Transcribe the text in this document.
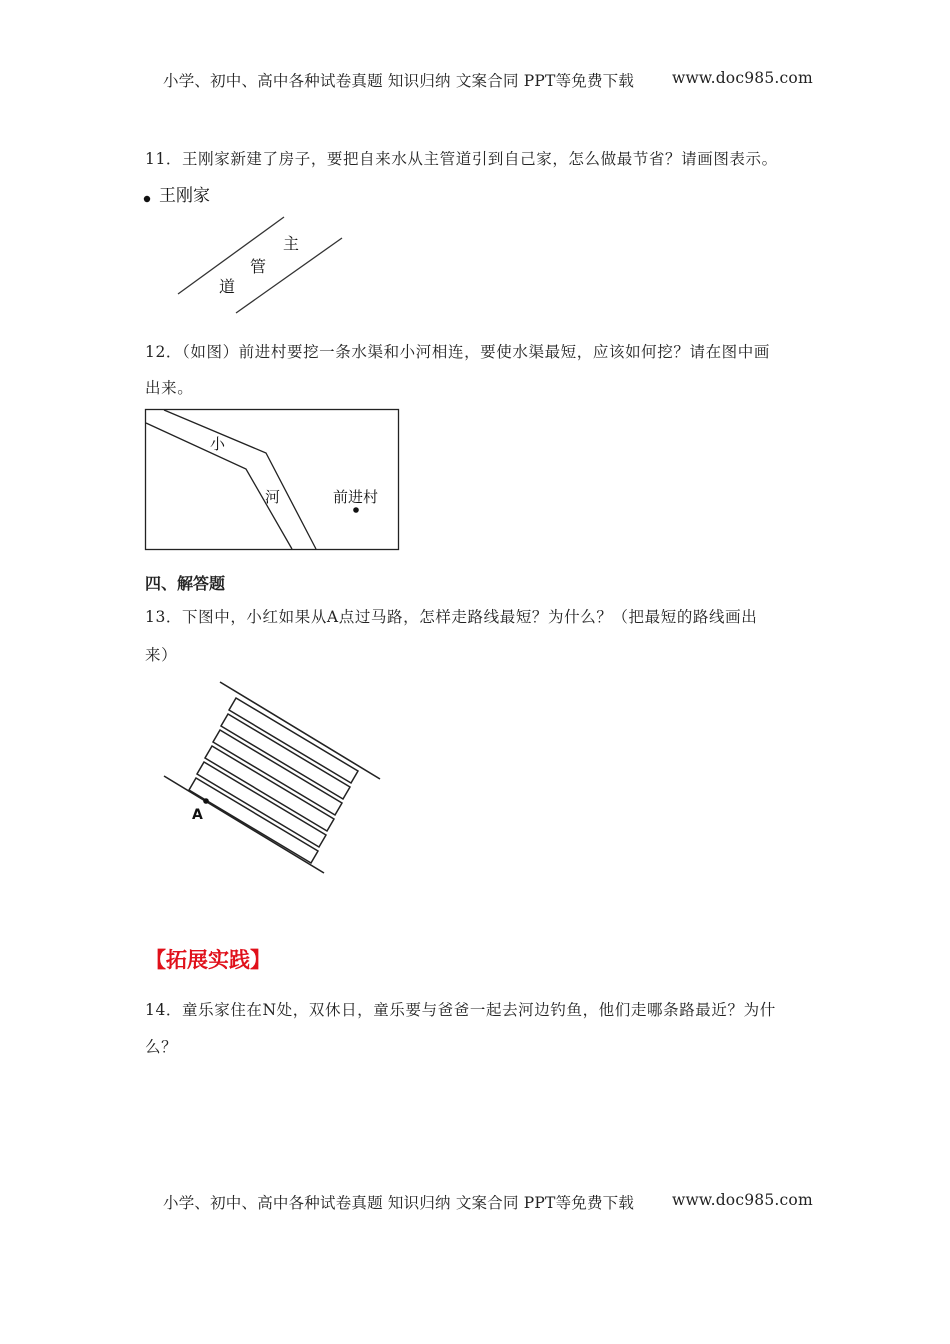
小学、初中、高中各种试卷真题 知识归纳 文案合同 PPT等免费下载 www.doc985.com
11．王刚家新建了房子，要把自来水从主管道引到自己家，怎么做最节省？请画图表示。
王刚家
主
管
道
12．（如图）前进村要挖一条水渠和小河相连，要使水渠最短，应该如何挖？请在图中画
出来。
小
河	前进村
四、解答题
13．下图中，小红如果从A点过马路，怎样走路线最短？为什么？（把最短的路线画出
来）
A
【拓展实践】
14．童乐家住在N处，双休日，童乐要与爸爸一起去河边钓鱼，他们走哪条路最近？为什
么？
小学、初中、高中各种试卷真题 知识归纳 文案合同 PPT等免费下载 www.doc985.com
